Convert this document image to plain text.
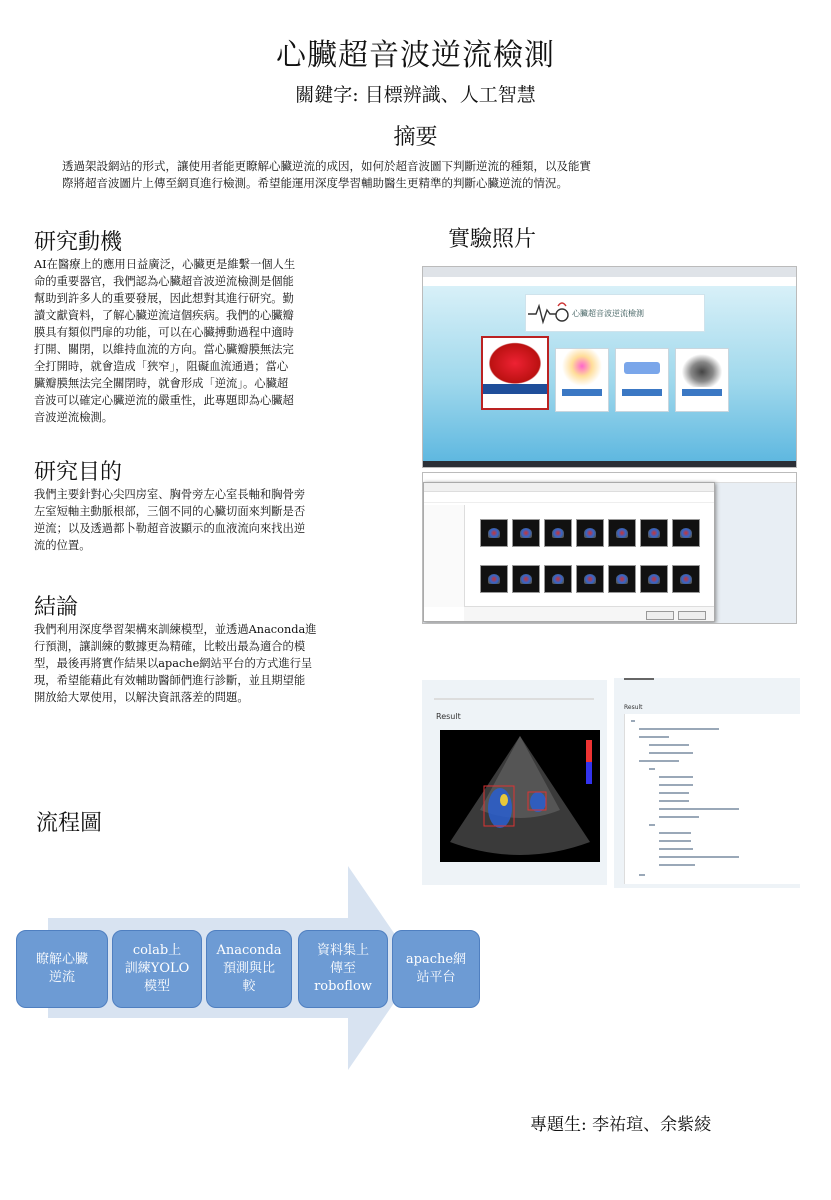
心臟超音波逆流檢測
關鍵字: 目標辨識、人工智慧
摘要
透過架設網站的形式，讓使用者能更瞭解心臟逆流的成因，如何於超音波圖下判斷逆流的種類，以及能實
際將超音波圖片上傳至網頁進行檢測。希望能運用深度學習輔助醫生更精準的判斷心臟逆流的情況。
研究動機
AI在醫療上的應用日益廣泛，心臟更是維繫一個人生
命的重要器官，我們認為心臟超音波逆流檢測是個能
幫助到許多人的重要發展，因此想對其進行研究。勤
讀文獻資料，了解心臟逆流這個疾病。我們的心臟瓣
膜具有類似門扉的功能，可以在心臟搏動過程中適時
打開、關閉，以維持血流的方向。當心臟瓣膜無法完
全打開時，就會造成「狹窄」，阻礙血流通過；當心
臟瓣膜無法完全關閉時，就會形成「逆流」。心臟超
音波可以確定心臟逆流的嚴重性，此專題即為心臟超
音波逆流檢測。
研究目的
我們主要針對心尖四房室、胸骨旁左心室長軸和胸骨旁
左室短軸主動脈根部，三個不同的心臟切面來判斷是否
逆流；以及透過都卜勒超音波顯示的血液流向來找出逆
流的位置。
結論
我們利用深度學習架構來訓練模型，並透過Anaconda進
行預測，讓訓練的數據更為精確，比較出最為適合的模
型，最後再將實作結果以apache網站平台的方式進行呈
現，希望能藉此有效輔助醫師們進行診斷，並且期望能
開放給大眾使用，以解決資訊落差的問題。
實驗照片
心臟超音波逆流檢測
Result
Result
流程圖
瞭解心臟
逆流
colab上
訓練YOLO
模型
Anaconda
預測與比
較
資料集上
傳至
roboflow
apache網
站平台
專題生: 李祐瑄、余紫綾
